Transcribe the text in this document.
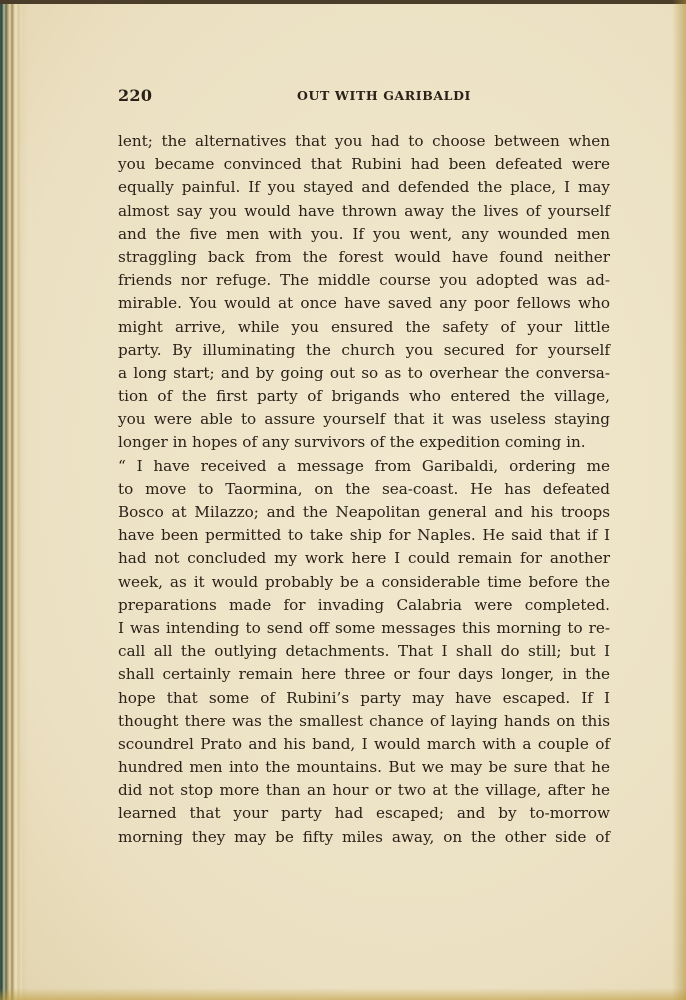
220	OUT WITH GARIBALDI
lent; the alternatives that you had to choose between when
you became convinced that Rubini had been defeated were
equally painful. If you stayed and defended the place, I may
almost say you would have thrown away the lives of yourself
and the five men with you. If you went, any wounded men
straggling back from the forest would have found neither
friends nor refuge. The middle course you adopted was ad-
mirable. You would at once have saved any poor fellows who
might arrive, while you ensured the safety of your little
party. By illuminating the church you secured for yourself
a long start; and by going out so as to overhear the conversa-
tion of the first party of brigands who entered the village,
you were able to assure yourself that it was useless staying
longer in hopes of any survivors of the expedition coming in.
“ I have received a message from Garibaldi, ordering me
to move to Taormina, on the sea-coast. He has defeated
Bosco at Milazzo; and the Neapolitan general and his troops
have been permitted to take ship for Naples. He said that if I
had not concluded my work here I could remain for another
week, as it would probably be a considerable time before the
preparations made for invading Calabria were completed.
I was intending to send off some messages this morning to re-
call all the outlying detachments. That I shall do still; but I
shall certainly remain here three or four days longer, in the
hope that some of Rubini’s party may have escaped. If I
thought there was the smallest chance of laying hands on this
scoundrel Prato and his band, I would march with a couple of
hundred men into the mountains. But we may be sure that he
did not stop more than an hour or two at the village, after he
learned that your party had escaped; and by to-morrow
morning they may be fifty miles away, on the other side of
